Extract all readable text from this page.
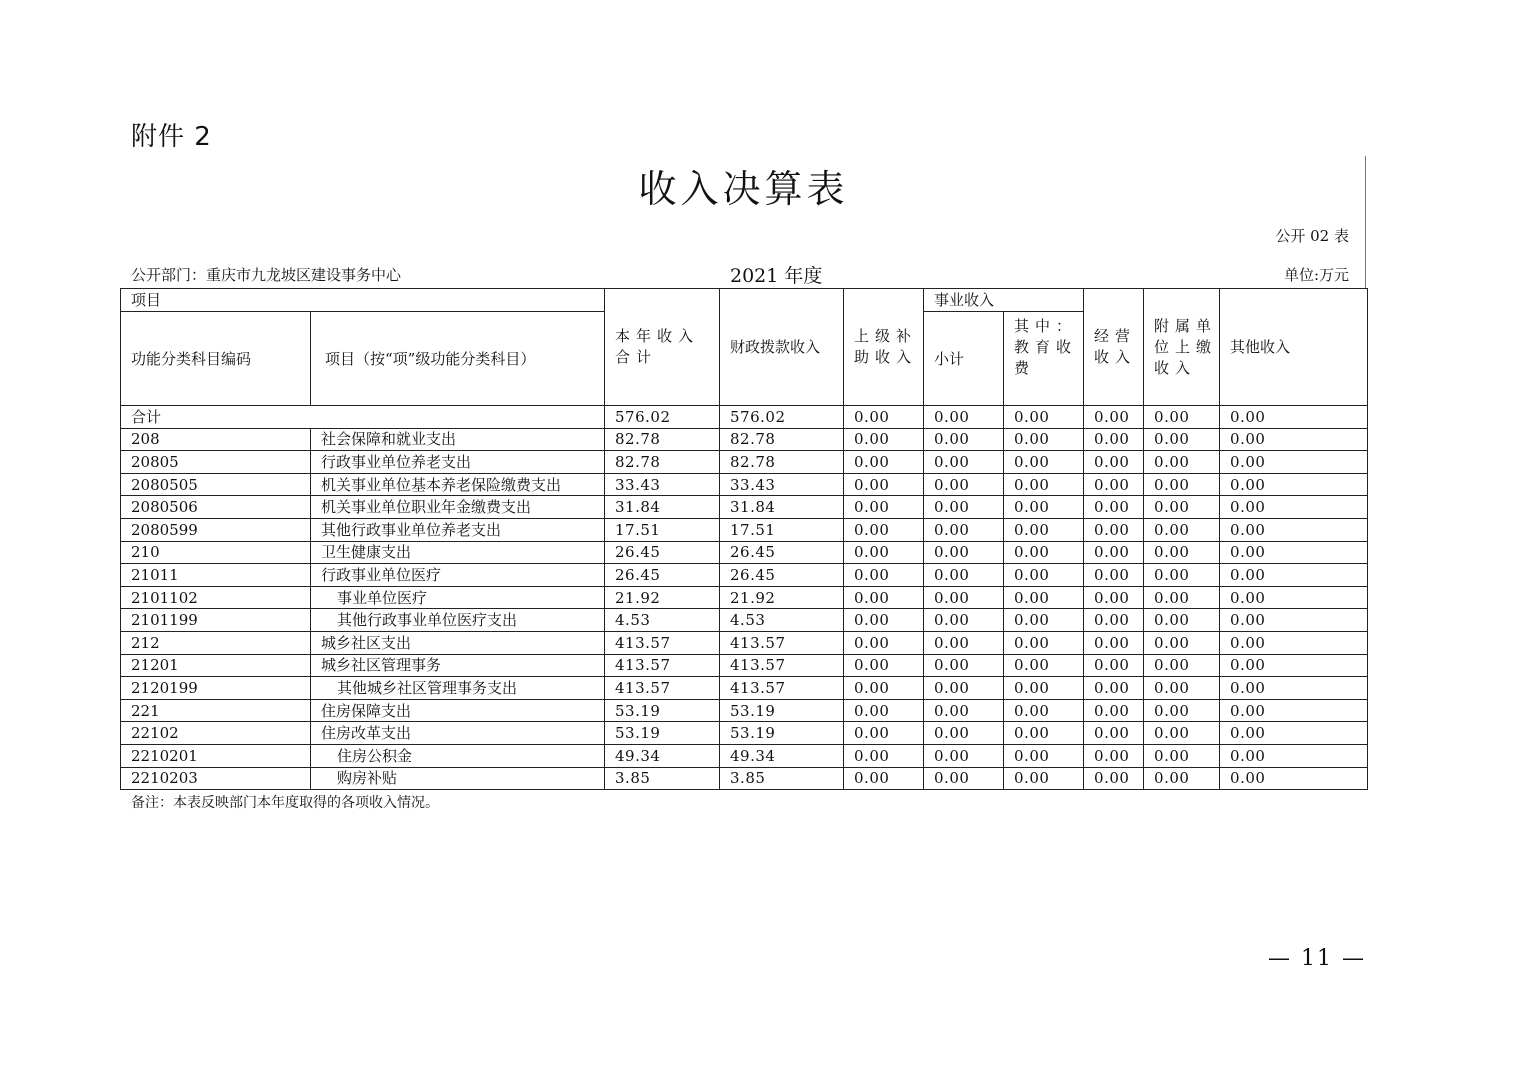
附件 2
收入决算表
公开 02 表
公开部门：重庆市九龙坡区建设事务中心	2021 年度	单位:万元
项目		本年收入合计	财政拨款收入	上级补助收入	事业收入		经营收入	附属单位上缴收入	其他收入
功能分类科目编码	项目（按“项”级功能分类科目）				小计	其中：教育收费			

合计		576.02	576.02	0.00	0.00	0.00	0.00	0.00	0.00
208	社会保障和就业支出	82.78	82.78	0.00	0.00	0.00	0.00	0.00	0.00
20805	行政事业单位养老支出	82.78	82.78	0.00	0.00	0.00	0.00	0.00	0.00
2080505	机关事业单位基本养老保险缴费支出	33.43	33.43	0.00	0.00	0.00	0.00	0.00	0.00
2080506	机关事业单位职业年金缴费支出	31.84	31.84	0.00	0.00	0.00	0.00	0.00	0.00
2080599	其他行政事业单位养老支出	17.51	17.51	0.00	0.00	0.00	0.00	0.00	0.00
210	卫生健康支出	26.45	26.45	0.00	0.00	0.00	0.00	0.00	0.00
21011	行政事业单位医疗	26.45	26.45	0.00	0.00	0.00	0.00	0.00	0.00
2101102	事业单位医疗	21.92	21.92	0.00	0.00	0.00	0.00	0.00	0.00
2101199	其他行政事业单位医疗支出	4.53	4.53	0.00	0.00	0.00	0.00	0.00	0.00
212	城乡社区支出	413.57	413.57	0.00	0.00	0.00	0.00	0.00	0.00
21201	城乡社区管理事务	413.57	413.57	0.00	0.00	0.00	0.00	0.00	0.00
2120199	其他城乡社区管理事务支出	413.57	413.57	0.00	0.00	0.00	0.00	0.00	0.00
221	住房保障支出	53.19	53.19	0.00	0.00	0.00	0.00	0.00	0.00
22102	住房改革支出	53.19	53.19	0.00	0.00	0.00	0.00	0.00	0.00
2210201	住房公积金	49.34	49.34	0.00	0.00	0.00	0.00	0.00	0.00
2210203	购房补贴	3.85	3.85	0.00	0.00	0.00	0.00	0.00	0.00
备注：本表反映部门本年度取得的各项收入情况。
— 11 —
